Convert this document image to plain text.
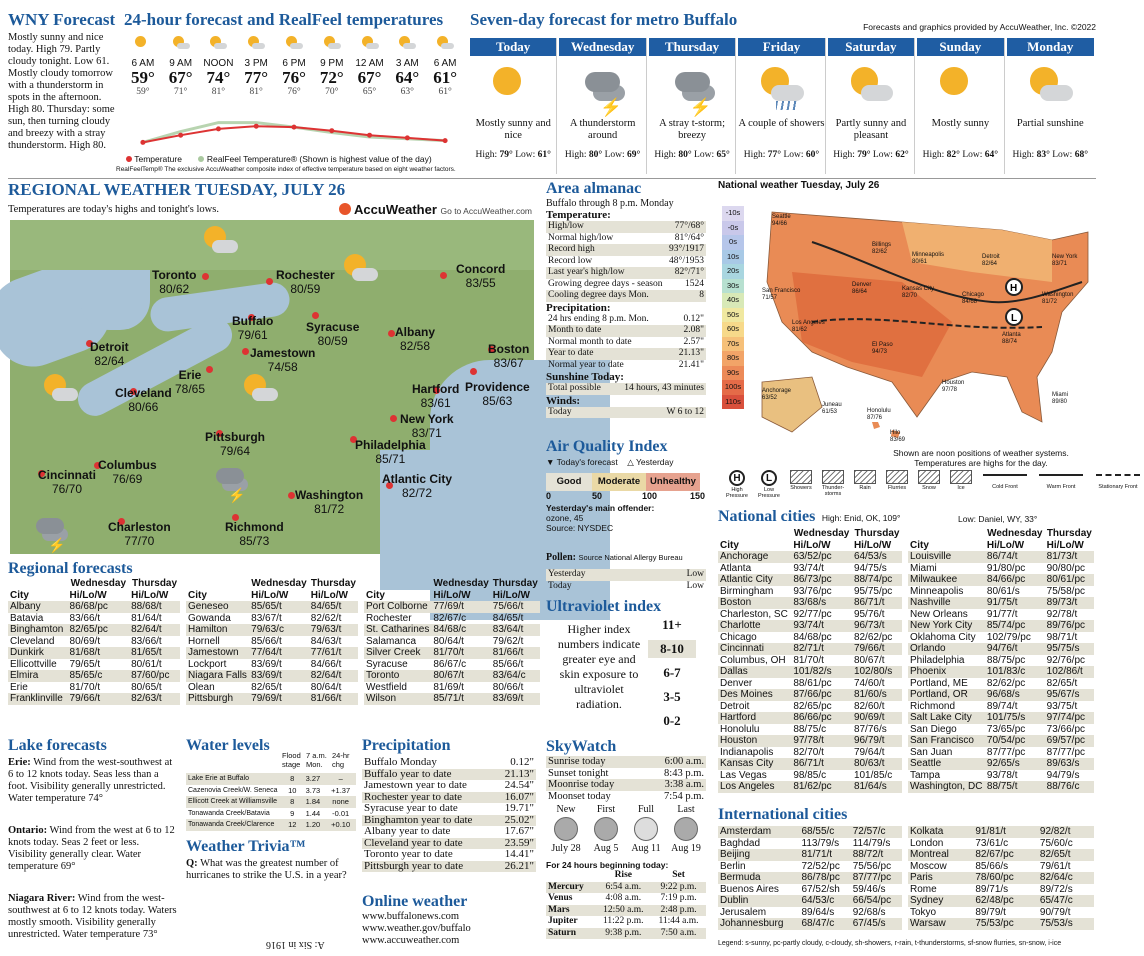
WNY Forecast
Mostly sunny and nice today. High 79. Partly cloudy tonight. Low 61. Mostly cloudy tomorrow with a thunderstorm in spots in the afternoon. High 80. Thursday: some sun, then turning cloudy and breezy with a stray thunderstorm. High 80.
24-hour forecast and RealFeel temperatures
6 AM
59°
59°
9 AM
67°
71°
NOON
74°
81°
3 PM
77°
81°
6 PM
76°
76°
9 PM
72°
70°
12 AM
67°
65°
3 AM
64°
63°
6 AM
61°
61°
Temperature	RealFeel Temperature® (Shown is highest value of the day)
RealFeelTemp® The exclusive AccuWeather composite index of effective temperature based on eight weather factors.
Seven-day forecast for metro Buffalo	Forecasts and graphics provided by AccuWeather, Inc. ©2022
Today
Mostly sunny and nice
High: 79° Low: 61°
Wednesday
⚡
A thunderstorm around
High: 80° Low: 69°
Thursday
⚡
A stray t-storm; breezy
High: 80° Low: 65°
Friday
A couple of showers
High: 77° Low: 60°
Saturday
Partly sunny and pleasant
High: 79° Low: 62°
Sunday
Mostly sunny
High: 82° Low: 64°
Monday
Partial sunshine
High: 83° Low: 68°
REGIONAL WEATHER TUESDAY, JULY 26
Temperatures are today's highs and tonight's lows.	AccuWeather Go to AccuWeather.com
Toronto
80/62
Rochester
80/59
Concord
83/55
Buffalo
79/61
Syracuse
80/59
Jamestown
74/58
Detroit
82/64
Albany
82/58	Boston
83/67
Erie
78/65
Cleveland
80/66
Hartford
83/61
Providence
85/63
New York
83/71
Pittsburgh
79/64	Philadelphia
85/71
Columbus
76/69
Cincinnati
76/70
Atlantic City
82/72
Washington
81/72
Charleston
77/70
Richmond
85/73
⚡
⚡
Regional forecasts
	Wednesday	Thursday
City	Hi/Lo/W	Hi/Lo/W
Albany	86/68/pc	88/68/t
Batavia	83/66/t	81/64/t
Binghamton	82/65/pc	82/64/t
Cleveland	80/69/t	83/66/t
Dunkirk	81/68/t	81/65/t
Ellicottville	79/65/t	80/61/t
Elmira	85/65/c	87/60/pc
Erie	81/70/t	80/65/t
Franklinville	79/66/t	82/63/t
	Wednesday	Thursday
City	Hi/Lo/W	Hi/Lo/W
Geneseo	85/65/t	84/65/t
Gowanda	83/67/t	82/62/t
Hamilton	79/63/c	79/63/t
Hornell	85/66/t	84/63/t
Jamestown	77/64/t	77/61/t
Lockport	83/69/t	84/66/t
Niagara Falls	83/69/t	82/64/t
Olean	82/65/t	80/64/t
Pittsburgh	79/69/t	81/66/t
	Wednesday	Thursday
City	Hi/Lo/W	Hi/Lo/W
Port Colborne	77/69/t	75/66/t
Rochester	82/67/c	84/65/t
St. Catharines	84/68/c	83/64/t
Salamanca	80/64/t	79/62/t
Silver Creek	81/70/t	81/66/t
Syracuse	86/67/c	85/66/t
Toronto	80/67/t	83/64/c
Westfield	81/69/t	80/66/t
Wilson	85/71/t	83/69/t
Lake forecasts
Erie: Wind from the west-southwest at 6 to 12 knots today. Seas less than a foot. Visibility generally unrestricted. Water temperature 74°
Ontario: Wind from the west at 6 to 12 knots today. Seas 2 feet or less. Visibility generally clear. Water temperature 69°
Niagara River: Wind from the west-southwest at 6 to 12 knots today. Waters mostly smooth. Visibility generally unrestricted. Water temperature 73°
Water levels
Flood stage
7 a.m. Mon.
24-hr chg
Lake Erie at Buffalo	8	3.27	–
Cazenovia Creek/W. Seneca	10	3.73	+1.37
Ellicott Creek at Williamsville	8	1.84	none
Tonawanda Creek/Batavia	9	1.44	-0.01
Tonawanda Creek/Clarence	12	1.20	+0.10
Weather Trivia™
Q: What was the greatest number of hurricanes to strike the U.S. in a year?
A: Six in 1916
Precipitation
Buffalo Monday	0.12"
Buffalo year to date	21.13"
Jamestown year to date	24.54"
Rochester year to date	16.07"
Syracuse year to date	19.71"
Binghamton year to date	25.02"
Albany year to date	17.67"
Cleveland year to date	23.59"
Toronto year to date	14.41"
Pittsburgh year to date	26.21"
Online weather
www.buffalonews.com
www.weather.gov/buffalo
www.accuweather.com
Area almanac
Buffalo through 8 p.m. Monday
Temperature:
High/low	77°/68°
Normal high/low	81°/64°
Record high	93°/1917
Record low	48°/1953
Last year's high/low	82°/71°
Growing degree days - season	1524
Cooling degree days Mon.	8
Precipitation:
24 hrs ending 8 p.m. Mon.	0.12"
Month to date	2.08"
Normal month to date	2.57"
Year to date	21.13"
Normal year to date	21.41"
Sunshine Today:
Total possible	14 hours, 43 minutes
Winds:
Today	W 6 to 12
Air Quality Index
▼ Today's forecast △ Yesterday
Good	Moderate	Unhealthy
0	50	100	150
Yesterday's main offender:
ozone, 45
Source: NYSDEC
Pollen: Source National Allergy Bureau
Yesterday	Low
Today	Low
Ultraviolet index
Higher index numbers indicate greater eye and skin exposure to ultraviolet radiation.
11+
8-10
6-7
3-5
0-2
SkyWatch
Sunrise today	6:00 a.m.
Sunset tonight	8:43 p.m.
Moonrise today	3:38 a.m.
Moonset today	7:54 p.m.
New
July 28
First
Aug 5
Full
Aug 11
Last
Aug 19
For 24 hours beginning today:
	Rise	Set
Mercury	6:54 a.m.	9:22 p.m.
Venus	4:08 a.m.	7:19 p.m.
Mars	12:50 a.m.	2:48 p.m.
Jupiter	11:22 p.m.	11:44 a.m.
Saturn	9:38 p.m.	7:50 a.m.
National weather Tuesday, July 26
-10s
-0s
0s
10s
20s
30s
40s
50s
60s
70s
80s
90s
100s
110s
H
L
Seattle
94/66
Billings
82/62
Minneapolis
80/61
Detroit
82/64
New York
83/71
San Francisco
71/57
Denver
86/64	Kansas City
82/70	Chicago
84/68
Washington
81/72
Los Angeles
81/62
El Paso
94/73
Atlanta
88/74
Houston
97/78
Miami
89/80
Anchorage
63/52
Juneau
61/53	Honolulu
87/76
Hilo
83/69
Shown are noon positions of weather systems. Temperatures are highs for the day.
H
High Pressure
L
Low Pressure
Showers	Thunder-storms
Rain	Flurries	Snow	Ice	Cold Front	Warm Front	Stationary Front
National cities High: Enid, OK, 109°	Low: Daniel, WY, 33°
	Wednesday	Thursday
City	Hi/Lo/W	Hi/Lo/W
Anchorage	63/52/pc	64/53/s
Atlanta	93/74/t	94/75/s
Atlantic City	86/73/pc	88/74/pc
Birmingham	93/76/pc	95/75/pc
Boston	83/68/s	86/71/t
Charleston, SC	92/77/pc	95/76/t
Charlotte	93/74/t	96/73/t
Chicago	84/68/pc	82/62/pc
Cincinnati	82/71/t	79/66/t
Columbus, OH	81/70/t	80/67/t
Dallas	101/82/s	102/80/s
Denver	88/61/pc	74/60/t
Des Moines	87/66/pc	81/60/s
Detroit	82/65/pc	82/60/t
Hartford	86/66/pc	90/69/t
Honolulu	88/75/c	87/76/s
Houston	97/78/t	96/79/t
Indianapolis	82/70/t	79/64/t
Kansas City	86/71/t	80/63/t
Las Vegas	98/85/c	101/85/c
Los Angeles	81/62/pc	81/64/s
	Wednesday	Thursday
City	Hi/Lo/W	Hi/Lo/W
Louisville	86/74/t	81/73/t
Miami	91/80/pc	90/80/pc
Milwaukee	84/66/pc	80/61/pc
Minneapolis	80/61/s	75/58/pc
Nashville	91/75/t	89/73/t
New Orleans	91/77/t	92/78/t
New York City	85/74/pc	89/76/pc
Oklahoma City	102/79/pc	98/71/t
Orlando	94/76/t	95/75/s
Philadelphia	88/75/pc	92/76/pc
Phoenix	101/83/c	102/86/t
Portland, ME	82/62/pc	82/65/t
Portland, OR	96/68/s	95/67/s
Richmond	89/74/t	93/75/t
Salt Lake City	101/75/s	97/74/pc
San Diego	73/65/pc	73/66/pc
San Francisco	70/54/pc	69/57/pc
San Juan	87/77/pc	87/77/pc
Seattle	92/65/s	89/63/s
Tampa	93/78/t	94/79/s
Washington, DC	88/75/t	88/76/c
International cities
Amsterdam	68/55/c	72/57/c
Baghdad	113/79/s	114/79/s
Beijing	81/71/t	88/72/t
Berlin	72/52/pc	75/56/pc
Bermuda	86/78/pc	87/77/pc
Buenos Aires	67/52/sh	59/46/s
Dublin	64/53/c	66/54/pc
Jerusalem	89/64/s	92/68/s
Johannesburg	68/47/c	67/45/s
Kolkata	91/81/t	92/82/t
London	73/61/c	75/60/c
Montreal	82/67/pc	82/65/t
Moscow	85/66/s	79/61/t
Paris	78/60/pc	82/64/c
Rome	89/71/s	89/72/s
Sydney	62/48/pc	65/47/c
Tokyo	89/79/t	90/79/t
Warsaw	75/53/pc	75/53/s
Legend: s-sunny, pc-partly cloudy, c-cloudy, sh-showers, r-rain, t-thunderstorms, sf-snow flurries, sn-snow, i-ice
